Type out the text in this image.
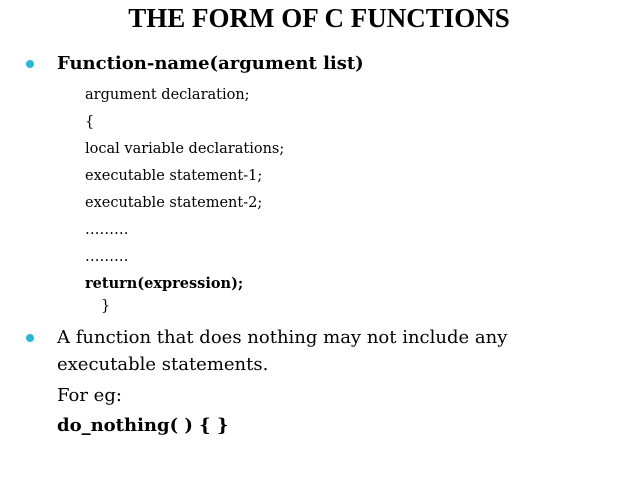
THE FORM OF C FUNCTIONS
Function-name(argument list)
argument declaration;
{
local variable declarations;
executable statement-1;
executable statement-2;
………
………
return(expression);
}
A function that does nothing may not include any
executable statements.
For eg:
do_nothing( ) { }
